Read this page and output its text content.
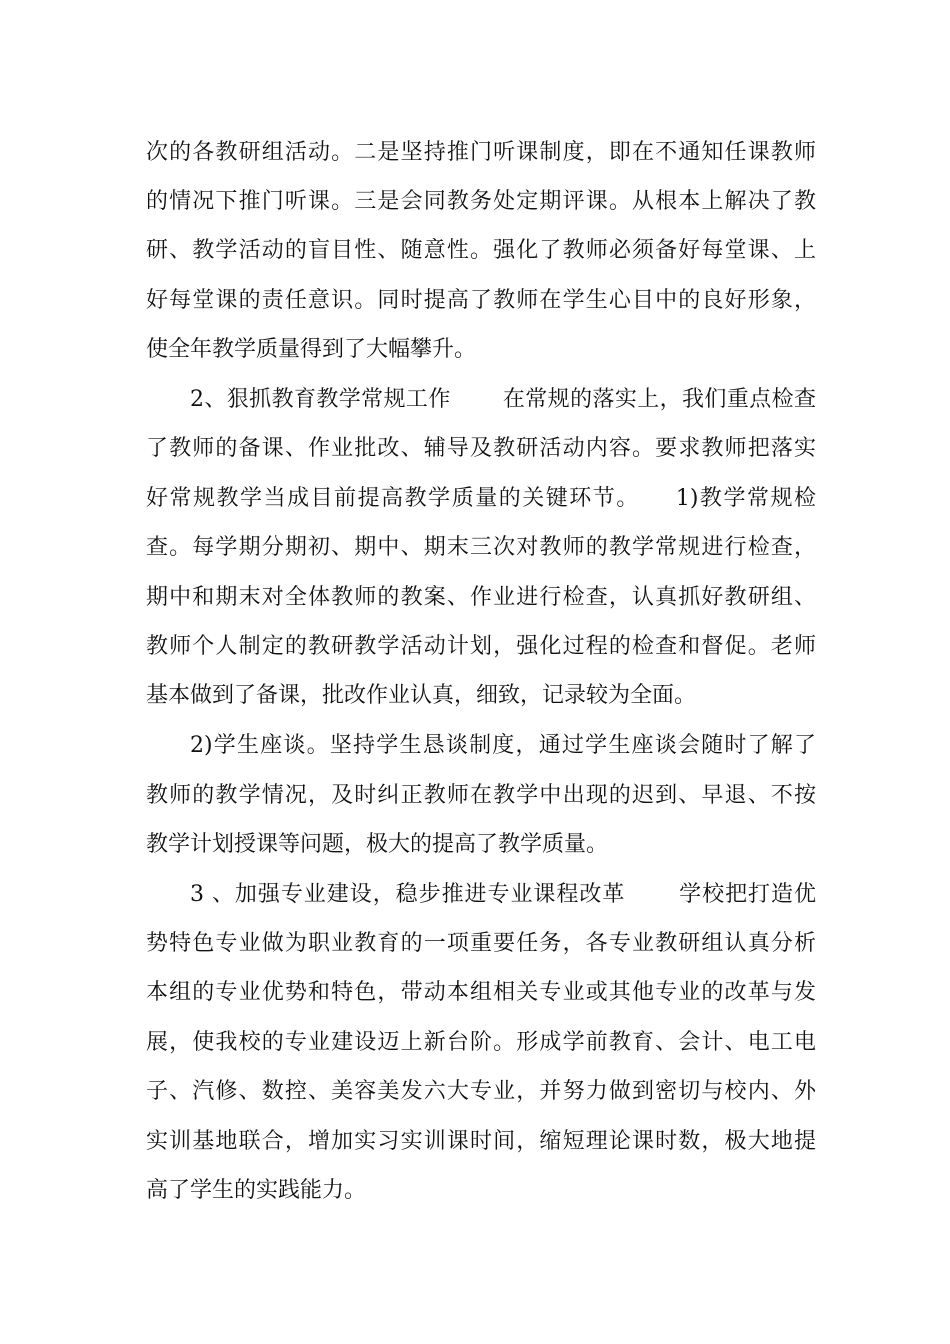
次的各教研组活动。二是坚持推门听课制度，即在不通知任课教师
的情况下推门听课。三是会同教务处定期评课。从根本上解决了教
研、教学活动的盲目性、随意性。强化了教师必须备好每堂课、上
好每堂课的责任意识。同时提高了教师在学生心目中的良好形象，
使全年教学质量得到了大幅攀升。
2、狠抓教育教学常规工作　　 在常规的落实上，我们重点检查
了教师的备课、作业批改、辅导及教研活动内容。要求教师把落实
好常规教学当成目前提高教学质量的关键环节。　　1)教学常规检
查。每学期分期初、期中、期末三次对教师的教学常规进行检查，
期中和期末对全体教师的教案、作业进行检查，认真抓好教研组、
教师个人制定的教研教学活动计划，强化过程的检查和督促。老师
基本做到了备课，批改作业认真，细致，记录较为全面。
2)学生座谈。坚持学生恳谈制度，通过学生座谈会随时了解了
教师的教学情况，及时纠正教师在教学中出现的迟到、早退、不按
教学计划授课等问题，极大的提高了教学质量。
3 、加强专业建设，稳步推进专业课程改革　　 学校把打造优
势特色专业做为职业教育的一项重要任务，各专业教研组认真分析
本组的专业优势和特色，带动本组相关专业或其他专业的改革与发
展，使我校的专业建设迈上新台阶。形成学前教育、会计、电工电
子、汽修、数控、美容美发六大专业，并努力做到密切与校内、外
实训基地联合，增加实习实训课时间，缩短理论课时数，极大地提
高了学生的实践能力。
